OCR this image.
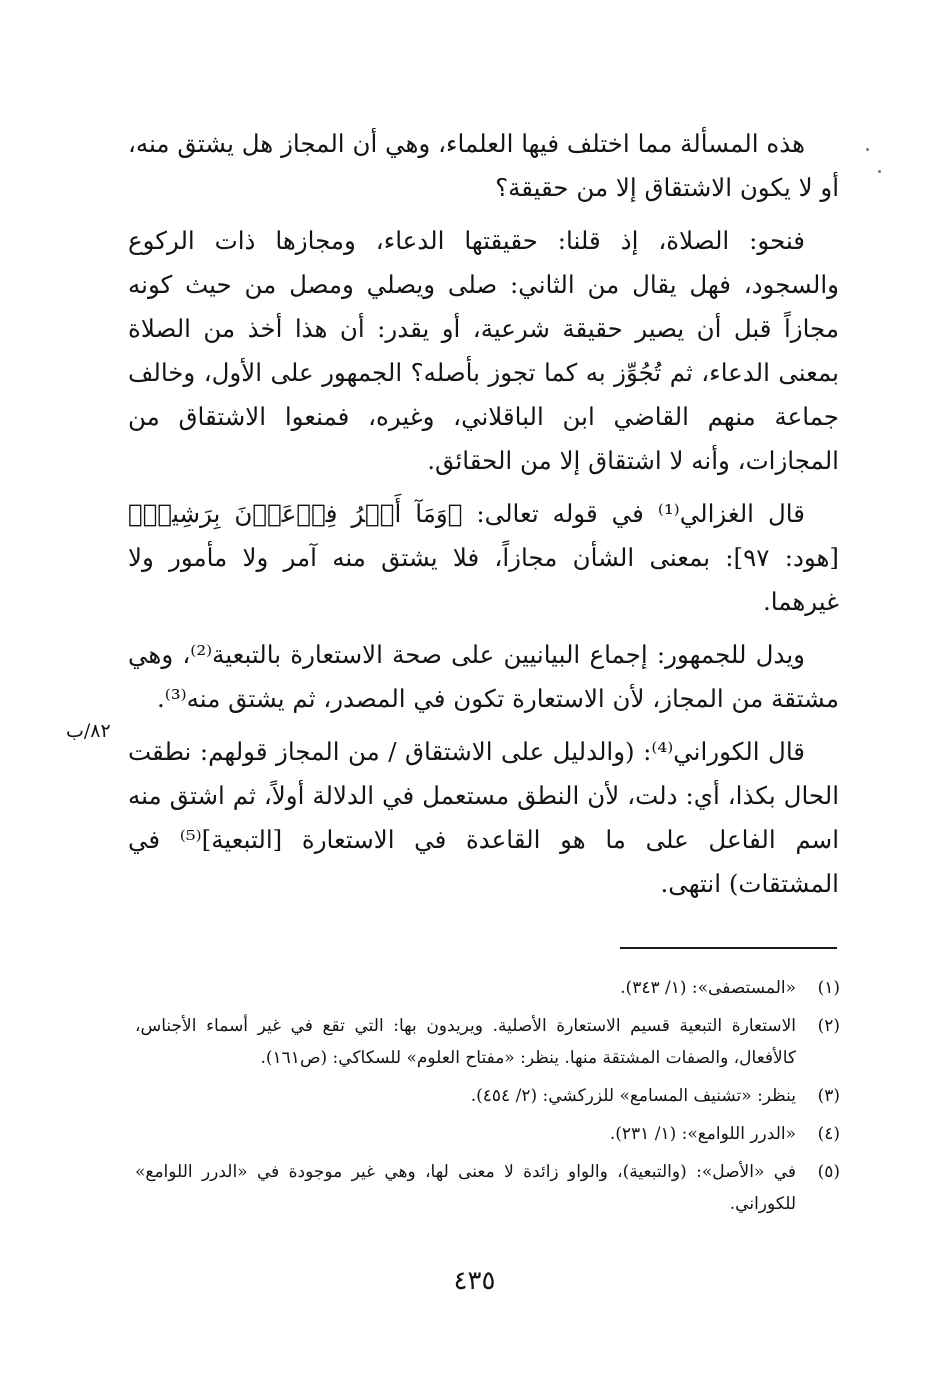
هذه المسألة مما اختلف فيها العلماء، وهي أن المجاز هل يشتق منه، أو لا يكون الاشتقاق إلا من حقيقة؟

فنحو: الصلاة، إذ قلنا: حقيقتها الدعاء، ومجازها ذات الركوع والسجود، فهل يقال من الثاني: صلى ويصلي ومصل من حيث كونه مجازاً قبل أن يصير حقيقة شرعية، أو يقدر: أن هذا أخذ من الصلاة بمعنى الدعاء، ثم تُجُوِّز به كما تجوز بأصله؟ الجمهور على الأول، وخالف جماعة منهم القاضي ابن الباقلاني، وغيره، فمنعوا الاشتقاق من المجازات، وأنه لا اشتقاق إلا من الحقائق.

قال الغزالي⁽¹⁾ في قوله تعالى: ﴿وَمَآ أَمۡرُ فِرۡعَوۡنَ بِرَشِيدٖ﴾ [هود: ٩٧]: بمعنى الشأن مجازاً، فلا يشتق منه آمر ولا مأمور ولا غيرهما.

ويدل للجمهور: إجماع البيانيين على صحة الاستعارة بالتبعية⁽²⁾، وهي مشتقة من المجاز، لأن الاستعارة تكون في المصدر، ثم يشتق منه⁽³⁾.

قال الكوراني⁽⁴⁾: (والدليل على الاشتقاق / من المجاز قولهم: نطقت الحال بكذا، أي: دلت، لأن النطق مستعمل في الدلالة أولاً، ثم اشتق منه اسم الفاعل على ما هو القاعدة في الاستعارة [التبعية]⁽⁵⁾ في المشتقات) انتهى.

٨٢/ب
(١)
«المستصفى»: (١/ ٣٤٣).
(٢)
الاستعارة التبعية قسيم الاستعارة الأصلية. ويريدون بها: التي تقع في غير أسماء الأجناس، كالأفعال، والصفات المشتقة منها. ينظر: «مفتاح العلوم» للسكاكي: (ص١٦١).
(٣)
ينظر: «تشنيف المسامع» للزركشي: (٢/ ٤٥٤).
(٤)
«الدرر اللوامع»: (١/ ٢٣١).
(٥)
في «الأصل»: (والتبعية)، والواو زائدة لا معنى لها، وهي غير موجودة في «الدرر اللوامع» للكوراني.
٤٣٥
